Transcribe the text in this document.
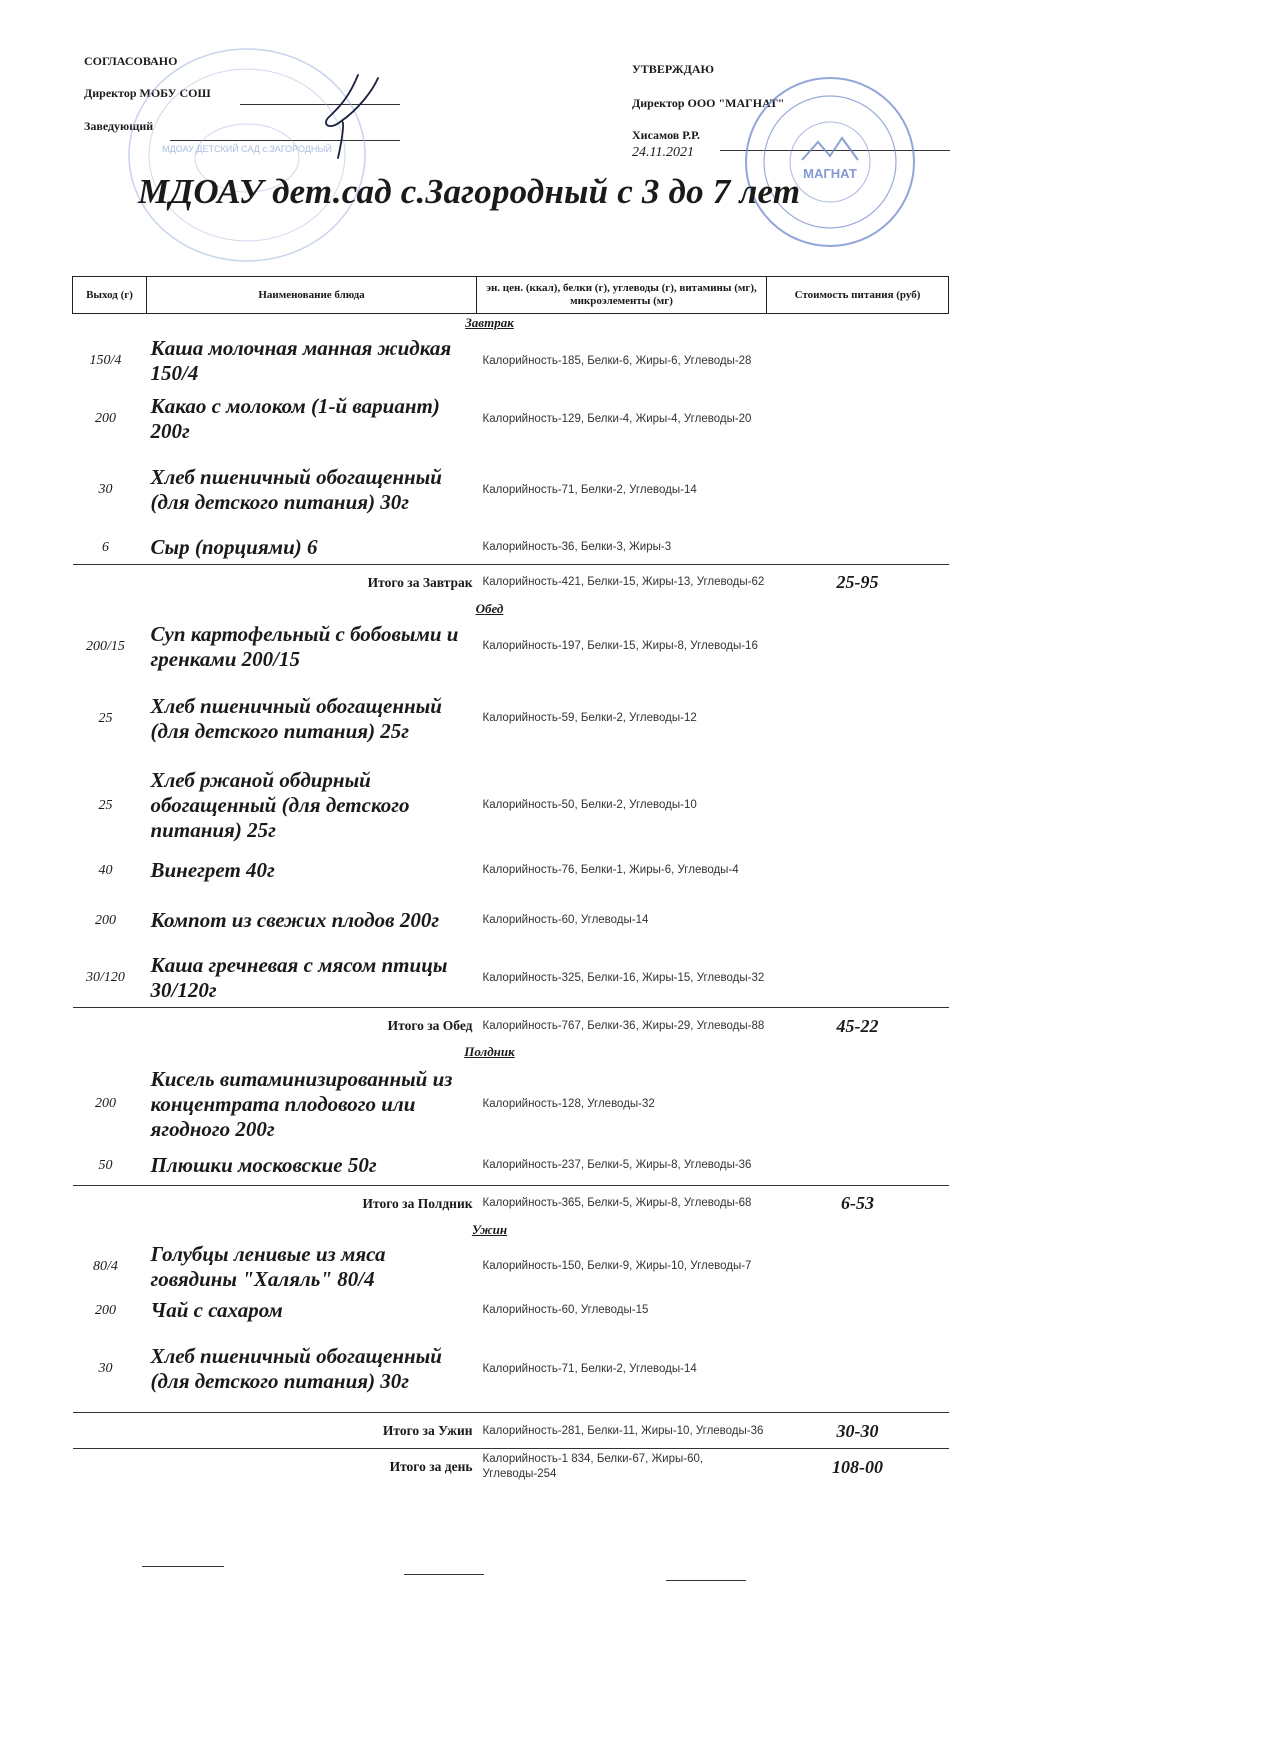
СОГЛАСОВАНО
Директор МОБУ СОШ
Заведующий
МДОАУ ДЕТСКИЙ САД с.ЗАГОРОДНЫЙ
УТВЕРЖДАЮ
Директор ООО "МАГНАТ"
Хисамов Р.Р.
24.11.2021
МАГНАТ
МДОАУ дет.сад с.Загородный с 3 до 7 лет
Выход (г)	Наименование блюда	эн. цен. (ккал), белки (г), углеводы (г), витамины (мг), микроэлементы (мг)	Стоимость питания (руб)
Завтрак			
150/4	Каша молочная манная жидкая 150/4	Калорийность-185, Белки-6, Жиры-6, Углеводы-28	
200	Какао с молоком (1-й вариант) 200г	Калорийность-129, Белки-4, Жиры-4, Углеводы-20	
30	Хлеб пшеничный обогащенный (для детского питания) 30г	Калорийность-71, Белки-2, Углеводы-14	
6	Сыр (порциями) 6	Калорийность-36, Белки-3, Жиры-3	
Итого за Завтрак		Калорийность-421, Белки-15, Жиры-13, Углеводы-62	25-95
Обед			
200/15	Суп картофельный с бобовыми и гренками 200/15	Калорийность-197, Белки-15, Жиры-8, Углеводы-16	
25	Хлеб пшеничный обогащенный (для детского питания) 25г	Калорийность-59, Белки-2, Углеводы-12	
25	Хлеб ржаной обдирный обогащенный (для детского питания) 25г	Калорийность-50, Белки-2, Углеводы-10	
40	Винегрет 40г	Калорийность-76, Белки-1, Жиры-6, Углеводы-4	
200	Компот из свежих плодов 200г	Калорийность-60, Углеводы-14	
30/120	Каша гречневая с мясом птицы 30/120г	Калорийность-325, Белки-16, Жиры-15, Углеводы-32	
Итого за Обед		Калорийность-767, Белки-36, Жиры-29, Углеводы-88	45-22
Полдник			
200	Кисель витаминизированный из концентрата плодового или ягодного 200г	Калорийность-128, Углеводы-32	
50	Плюшки московские 50г	Калорийность-237, Белки-5, Жиры-8, Углеводы-36	
Итого за Полдник		Калорийность-365, Белки-5, Жиры-8, Углеводы-68	6-53
Ужин			
80/4	Голубцы ленивые из мяса говядины "Халяль" 80/4	Калорийность-150, Белки-9, Жиры-10, Углеводы-7	
200	Чай с сахаром	Калорийность-60, Углеводы-15	
30	Хлеб пшеничный обогащенный (для детского питания) 30г	Калорийность-71, Белки-2, Углеводы-14	
Итого за Ужин		Калорийность-281, Белки-11, Жиры-10, Углеводы-36	30-30
Итого за день		Калорийность-1 834, Белки-67, Жиры-60, Углеводы-254	108-00
